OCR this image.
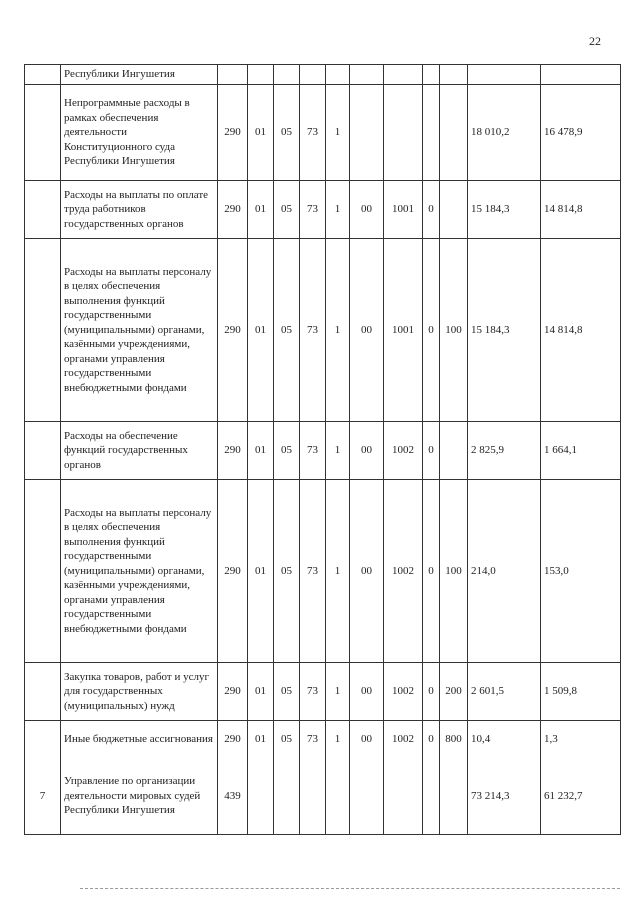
22
	Республики Ингушетия											
	Непрограммные расходы в рамках обеспечения деятельности Конституционного суда Республики Ингушетия	290	01	05	73	1					18 010,2	16 478,9
	Расходы на выплаты по оплате труда работников государственных органов	290	01	05	73	1	00	1001	0		15 184,3	14 814,8
	Расходы на выплаты персоналу в целях обеспечения выполнения функций государственными (муниципальными) органами, казёнными учреждениями, органами управления государственными внебюджетными фондами	290	01	05	73	1	00	1001	0	100	15 184,3	14 814,8
	Расходы на обеспечение функций государственных органов	290	01	05	73	1	00	1002	0		2 825,9	1 664,1
	Расходы на выплаты персоналу в целях обеспечения выполнения функций государственными (муниципальными) органами, казёнными учреждениями, органами управления государственными внебюджетными фондами	290	01	05	73	1	00	1002	0	100	214,0	153,0
	Закупка товаров, работ и услуг для государственных (муниципальных) нужд	290	01	05	73	1	00	1002	0	200	2 601,5	1 509,8
	Иные бюджетные ассигнования	290	01	05	73	1	00	1002	0	800	10,4	1,3
7	Управление по организации деятельности мировых судей Республики Ингушетия	439									73 214,3	61 232,7
